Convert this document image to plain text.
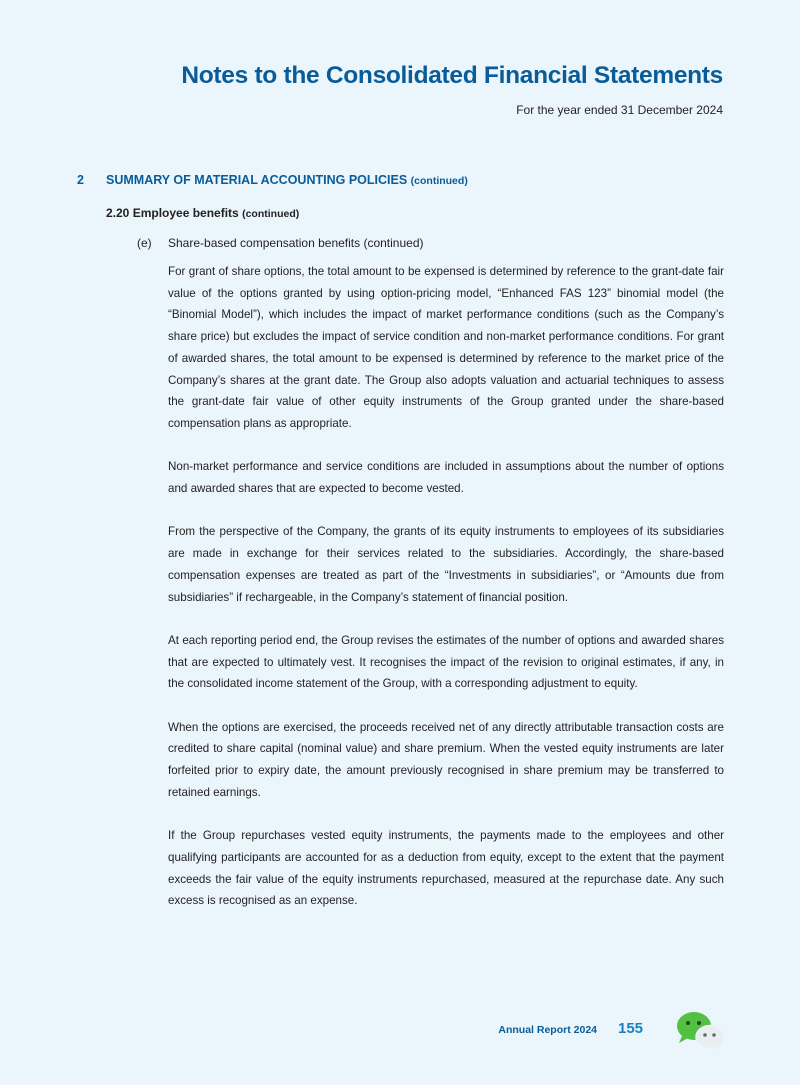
Notes to the Consolidated Financial Statements
For the year ended 31 December 2024
2 SUMMARY OF MATERIAL ACCOUNTING POLICIES (continued)
2.20 Employee benefits (continued)
(e) Share-based compensation benefits (continued)

For grant of share options, the total amount to be expensed is determined by reference to the grant-date fair value of the options granted by using option-pricing model, “Enhanced FAS 123” binomial model (the “Binomial Model”), which includes the impact of market performance conditions (such as the Company’s share price) but excludes the impact of service condition and non-market performance conditions. For grant of awarded shares, the total amount to be expensed is determined by reference to the market price of the Company’s shares at the grant date. The Group also adopts valuation and actuarial techniques to assess the grant-date fair value of other equity instruments of the Group granted under the share-based compensation plans as appropriate.

Non-market performance and service conditions are included in assumptions about the number of options and awarded shares that are expected to become vested.

From the perspective of the Company, the grants of its equity instruments to employees of its subsidiaries are made in exchange for their services related to the subsidiaries. Accordingly, the share-based compensation expenses are treated as part of the “Investments in subsidiaries”, or “Amounts due from subsidiaries” if rechargeable, in the Company’s statement of financial position.

At each reporting period end, the Group revises the estimates of the number of options and awarded shares that are expected to ultimately vest. It recognises the impact of the revision to original estimates, if any, in the consolidated income statement of the Group, with a corresponding adjustment to equity.

When the options are exercised, the proceeds received net of any directly attributable transaction costs are credited to share capital (nominal value) and share premium. When the vested equity instruments are later forfeited prior to expiry date, the amount previously recognised in share premium may be transferred to retained earnings.

If the Group repurchases vested equity instruments, the payments made to the employees and other qualifying participants are accounted for as a deduction from equity, except to the extent that the payment exceeds the fair value of the equity instruments repurchased, measured at the repurchase date. Any such excess is recognised as an expense.

Annual Report 2024 155
